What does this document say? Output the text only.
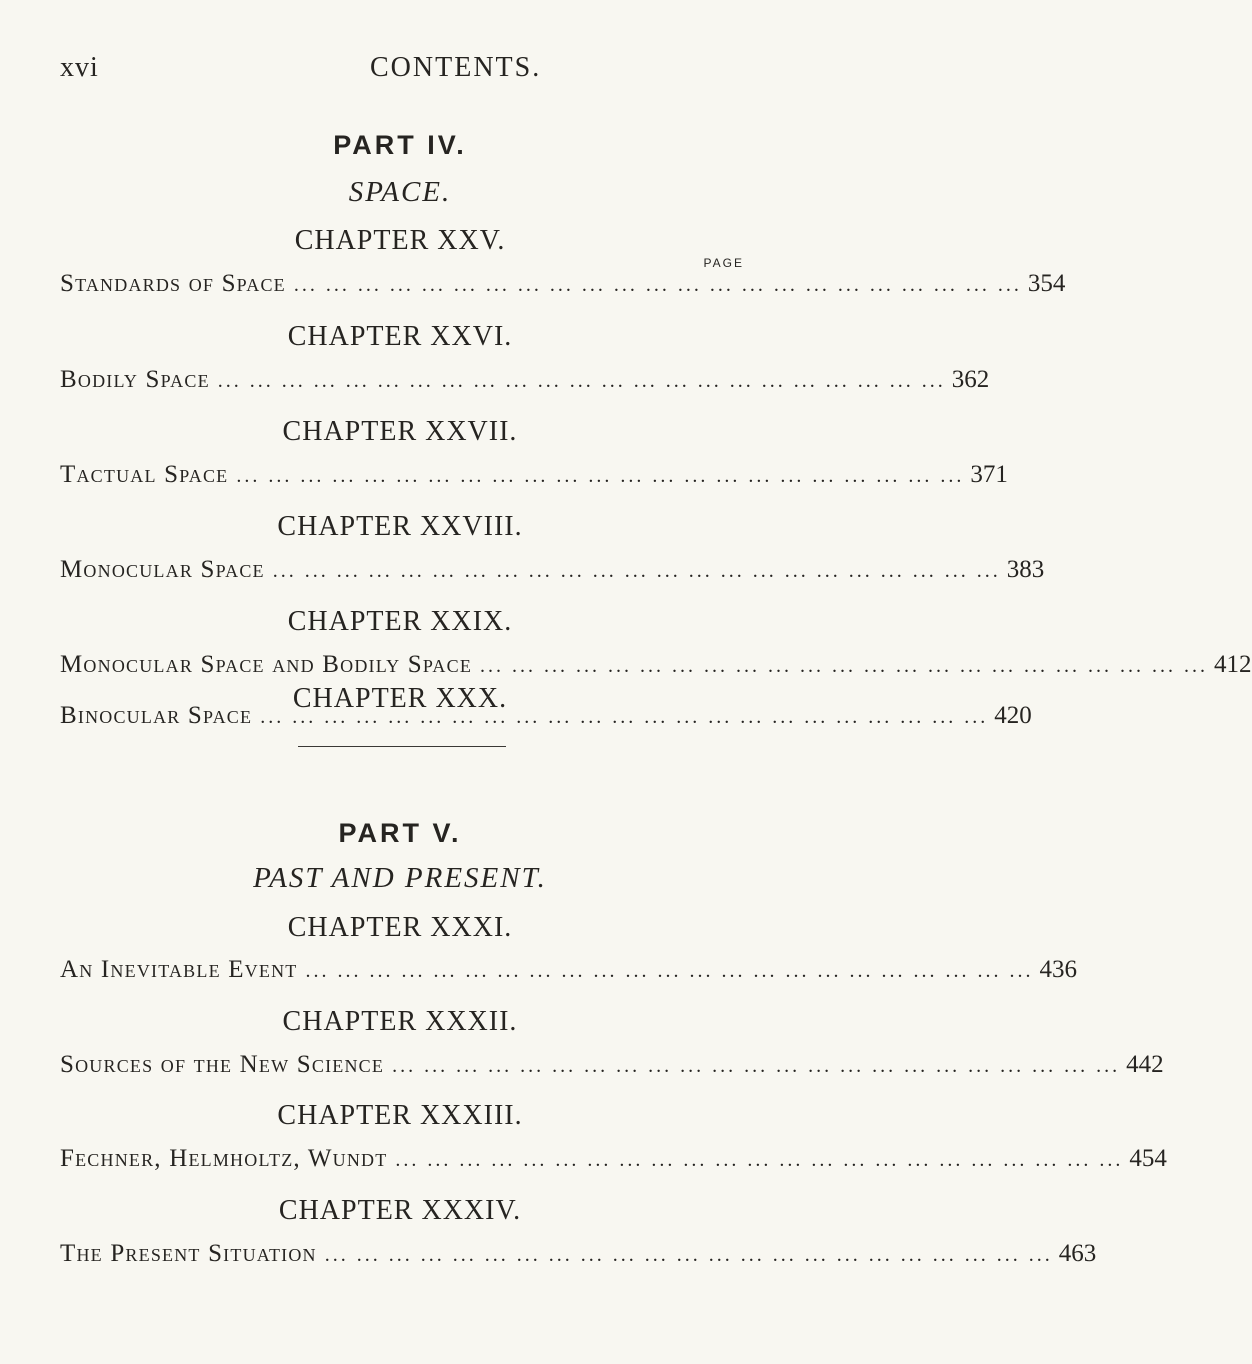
xvi	CONTENTS.
PART IV.
SPACE.
CHAPTER XXV.
PAGE
Standards of Space ... ... ... ... ... ... ... ... ... ... ... ... ... ... ... ... ... ... ... ... ... ... ... 354
CHAPTER XXVI.
Bodily Space ... ... ... ... ... ... ... ... ... ... ... ... ... ... ... ... ... ... ... ... ... ... ... 362
CHAPTER XXVII.
Tactual Space ... ... ... ... ... ... ... ... ... ... ... ... ... ... ... ... ... ... ... ... ... ... ... 371
CHAPTER XXVIII.
Monocular Space ... ... ... ... ... ... ... ... ... ... ... ... ... ... ... ... ... ... ... ... ... ... ... 383
CHAPTER XXIX.
Monocular Space and Bodily Space ... ... ... ... ... ... ... ... ... ... ... ... ... ... ... ... ... ... ... ... ... ... ... 412
CHAPTER XXX.
Binocular Space ... ... ... ... ... ... ... ... ... ... ... ... ... ... ... ... ... ... ... ... ... ... ... 420
PART V.
PAST AND PRESENT.
CHAPTER XXXI.
An Inevitable Event ... ... ... ... ... ... ... ... ... ... ... ... ... ... ... ... ... ... ... ... ... ... ... 436
CHAPTER XXXII.
Sources of the New Science ... ... ... ... ... ... ... ... ... ... ... ... ... ... ... ... ... ... ... ... ... ... ... 442
CHAPTER XXXIII.
Fechner, Helmholtz, Wundt ... ... ... ... ... ... ... ... ... ... ... ... ... ... ... ... ... ... ... ... ... ... ... 454
CHAPTER XXXIV.
The Present Situation ... ... ... ... ... ... ... ... ... ... ... ... ... ... ... ... ... ... ... ... ... ... ... 463
